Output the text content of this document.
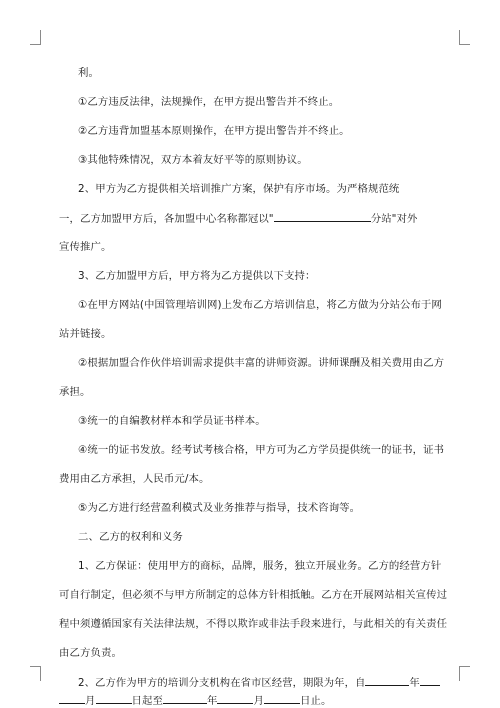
利。
①乙方违反法律，法规操作，在甲方提出警告并不终止。
②乙方违背加盟基本原则操作，在甲方提出警告并不终止。
③其他特殊情况，双方本着友好平等的原则协议。
2、甲方为乙方提供相关培训推广方案，保护有序市场。为严格规范统
一，乙方加盟甲方后，各加盟中心名称都冠以"	分站"对外
宣传推广。
3、乙方加盟甲方后，甲方将为乙方提供以下支持：
①在甲方网站(中国管理培训网)上发布乙方培训信息，将乙方做为分站公布于网
站并链接。
②根据加盟合作伙伴培训需求提供丰富的讲师资源。讲师课酬及相关费用由乙方
承担。
③统一的自编教材样本和学员证书样本。
④统一的证书发放。经考试考核合格，甲方可为乙方学员提供统一的证书，证书
费用由乙方承担，人民币元/本。
⑤为乙方进行经营盈利模式及业务推荐与指导，技术咨询等。
二、乙方的权利和义务
1、乙方保证：使用甲方的商标，品牌，服务，独立开展业务。乙方的经营方针
可自行制定，但必须不与甲方所制定的总体方针相抵触。乙方在开展网站相关宣传过
程中须遵循国家有关法律法规，不得以欺诈或非法手段来进行，与此相关的有关责任
由乙方负责。
2、乙方作为甲方的培训分支机构在省市区经营，期限为年，自	年
月	日起至	年	月	日止。
